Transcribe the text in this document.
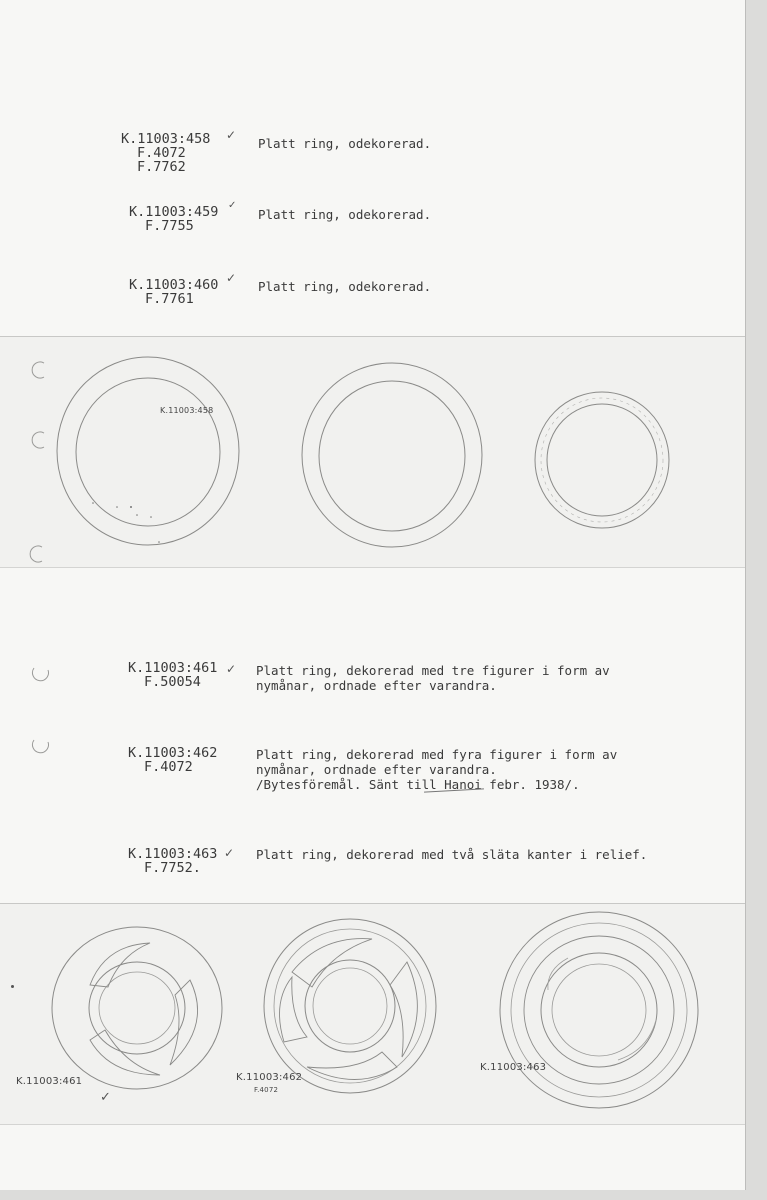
K.11003:458
F.4072
F.7762
✓
Platt ring, odekorerad.
K.11003:459
F.7755
✓
Platt ring, odekorerad.
K.11003:460
F.7761
✓
Platt ring, odekorerad.
K.11003:458
K.11003:461
F.50054
✓ Platt ring, dekorerad med tre figurer i form av
nymånar, ordnade efter varandra.
K.11003:462
F.4072
Platt ring, dekorerad med fyra figurer i form av
nymånar, ordnade efter varandra.
/Bytesföremål. Sänt till Hanoi febr. 1938/.
K.11003:463
F.7752.
✓ Platt ring, dekorerad med två släta kanter i relief.
K.11003:461
✓
K.11003:462
F.4072
K.11003:463
